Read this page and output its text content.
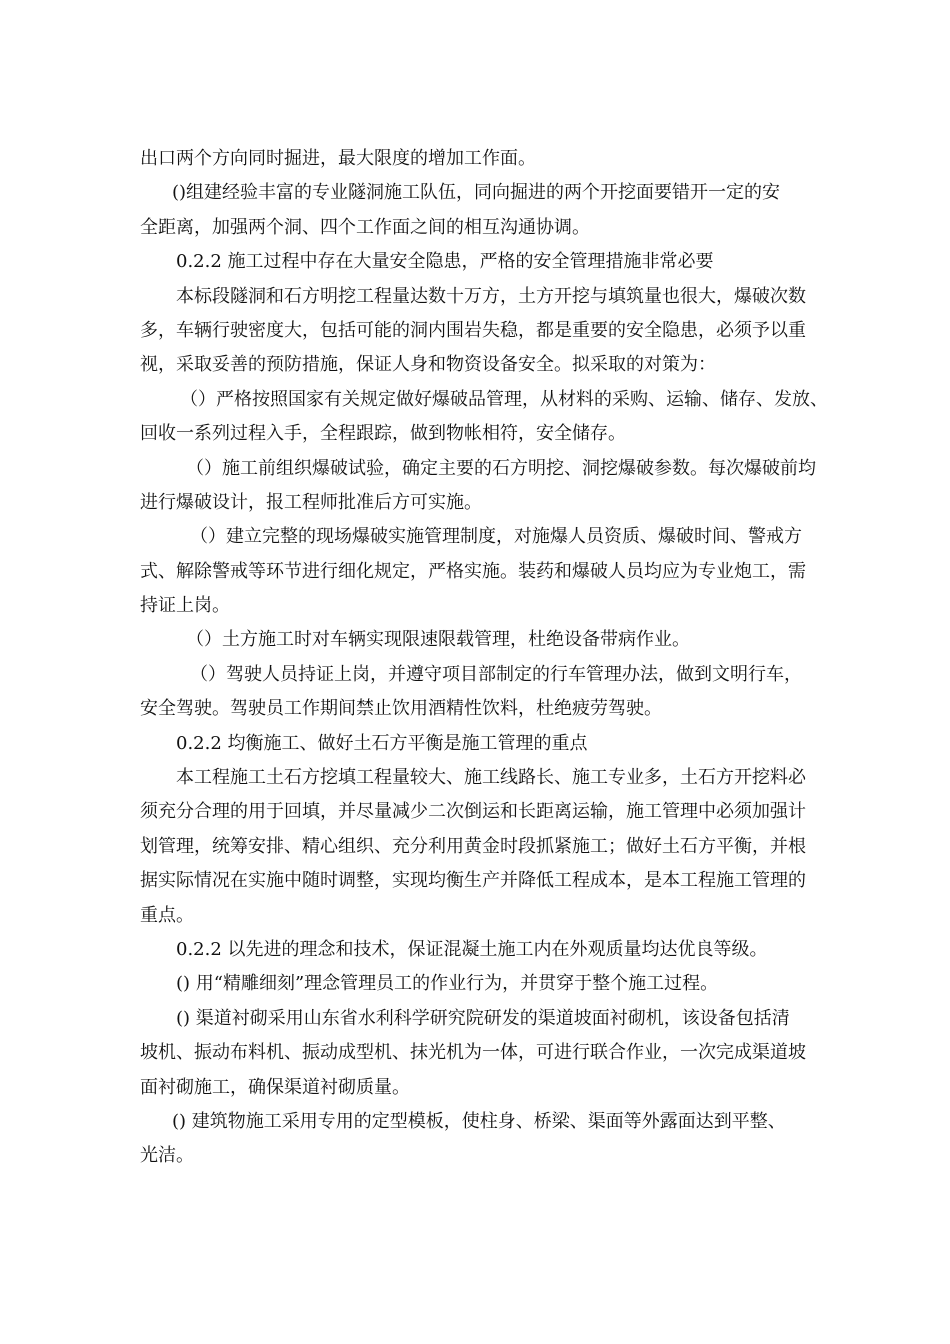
出口两个方向同时掘进，最大限度的增加工作面。
()组建经验丰富的专业隧洞施工队伍，同向掘进的两个开挖面要错开一定的安
全距离，加强两个洞、四个工作面之间的相互沟通协调。
0.2.2 施工过程中存在大量安全隐患，严格的安全管理措施非常必要
本标段隧洞和石方明挖工程量达数十万方，土方开挖与填筑量也很大，爆破次数
多，车辆行驶密度大，包括可能的洞内围岩失稳，都是重要的安全隐患，必须予以重
视，采取妥善的预防措施，保证人身和物资设备安全。拟采取的对策为：
（）严格按照国家有关规定做好爆破品管理，从材料的采购、运输、储存、发放、
回收一系列过程入手，全程跟踪，做到物帐相符，安全储存。
（）施工前组织爆破试验，确定主要的石方明挖、洞挖爆破参数。每次爆破前均
进行爆破设计，报工程师批准后方可实施。
（）建立完整的现场爆破实施管理制度，对施爆人员资质、爆破时间、警戒方
式、解除警戒等环节进行细化规定，严格实施。装药和爆破人员均应为专业炮工，需
持证上岗。
（）土方施工时对车辆实现限速限载管理，杜绝设备带病作业。
（）驾驶人员持证上岗，并遵守项目部制定的行车管理办法，做到文明行车，
安全驾驶。驾驶员工作期间禁止饮用酒精性饮料，杜绝疲劳驾驶。
0.2.2 均衡施工、做好土石方平衡是施工管理的重点
本工程施工土石方挖填工程量较大、施工线路长、施工专业多，土石方开挖料必
须充分合理的用于回填，并尽量减少二次倒运和长距离运输，施工管理中必须加强计
划管理，统筹安排、精心组织、充分利用黄金时段抓紧施工；做好土石方平衡，并根
据实际情况在实施中随时调整，实现均衡生产并降低工程成本，是本工程施工管理的
重点。
0.2.2 以先进的理念和技术，保证混凝土施工内在外观质量均达优良等级。
() 用“精雕细刻”理念管理员工的作业行为，并贯穿于整个施工过程。
() 渠道衬砌采用山东省水利科学研究院研发的渠道坡面衬砌机，该设备包括清
坡机、振动布料机、振动成型机、抹光机为一体，可进行联合作业，一次完成渠道坡
面衬砌施工，确保渠道衬砌质量。
() 建筑物施工采用专用的定型模板，使柱身、桥梁、渠面等外露面达到平整、
光洁。
